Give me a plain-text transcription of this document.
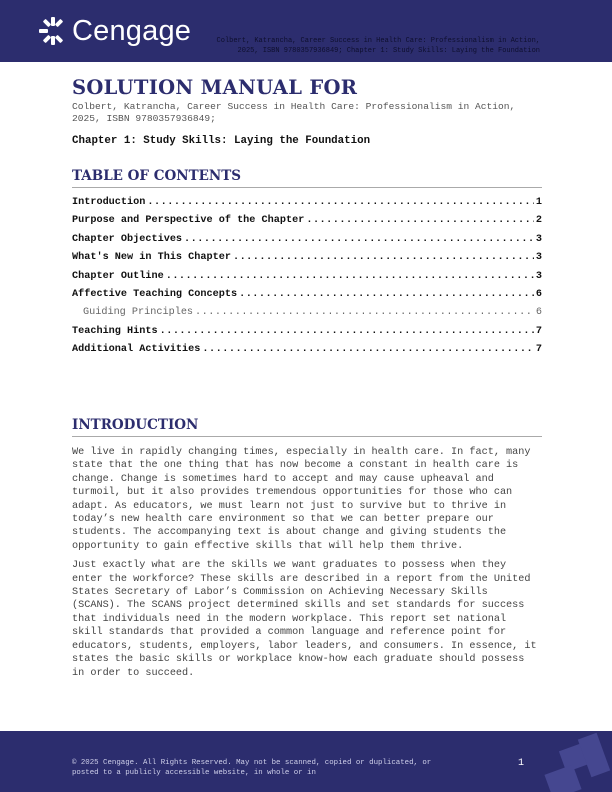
Cengage	Colbert, Katrancha, Career Success in Health Care: Professionalism in Action,
2025, ISBN 9780357936849; Chapter 1: Study Skills: Laying the Foundation
SOLUTION MANUAL FOR
Colbert, Katrancha, Career Success in Health Care: Professionalism in Action, 2025, ISBN 9780357936849;
Chapter 1: Study Skills: Laying the Foundation
TABLE OF CONTENTS
Introduction .....	1
Purpose and Perspective of the Chapter .....	2
Chapter Objectives .....	3
What's New in This Chapter .....	3
Chapter Outline .....	3
Affective Teaching Concepts .....	6
Guiding Principles .....	6
Teaching Hints .....	7
Additional Activities .....	7
INTRODUCTION

We live in rapidly changing times, especially in health care. In fact, many state that the one thing that has now become a constant in health care is change. Change is sometimes hard to accept and may cause upheaval and turmoil, but it also provides tremendous opportunities for those who can adapt. As educators, we must learn not just to survive but to thrive in today’s new health care environment so that we can better prepare our students. The accompanying text is about change and giving students the opportunity to gain effective skills that will help them thrive.

Just exactly what are the skills we want graduates to possess when they enter the workforce? These skills are described in a report from the United States Secretary of Labor’s Commission on Achieving Necessary Skills (SCANS). The SCANS project determined skills and set standards for success that individuals need in the modern workplace. This report set national skill standards that provided a common language and reference point for educators, students, employers, labor leaders, and consumers. In essence, it states the basic skills or workplace know-how each graduate should possess in order to succeed.

© 2025 Cengage. All Rights Reserved. May not be scanned, copied or duplicated, or posted to a publicly accessible website, in whole or in
1
